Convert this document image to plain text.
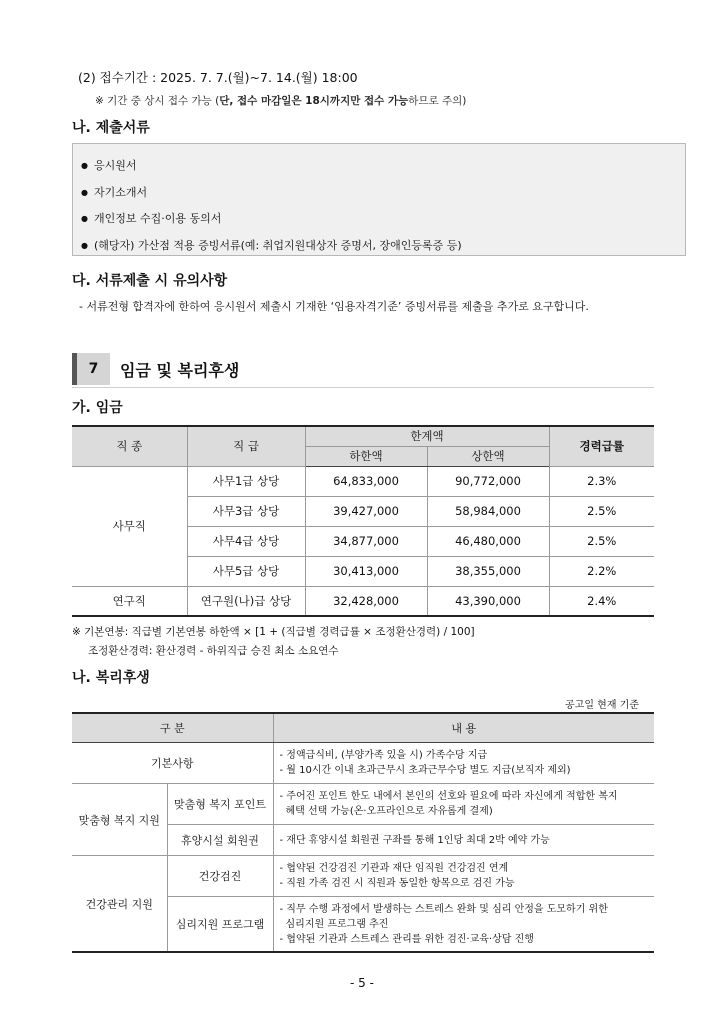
(2) 접수기간 : 2025. 7. 7.(월)~7. 14.(월) 18:00
※ 기간 중 상시 접수 가능 (단, 접수 마감일은 18시까지만 접수 가능하므로 주의)
나. 제출서류
● 응시원서
● 자기소개서
● 개인정보 수집·이용 동의서
● (해당자) 가산점 적용 증빙서류(예: 취업지원대상자 증명서, 장애인등록증 등)
다. 서류제출 시 유의사항
- 서류전형 합격자에 한하여 응시원서 제출시 기재한 ‘임용자격기준’ 증빙서류를 제출을 추가로 요구합니다.
7	임금 및 복리후생
가. 임금
직 종	직 급	한계액		경력급률
		하한액	상한액	
사무직	사무1급 상당	64,833,000	90,772,000	2.3%
	사무3급 상당	39,427,000	58,984,000	2.5%
	사무4급 상당	34,877,000	46,480,000	2.5%
	사무5급 상당	30,413,000	38,355,000	2.2%
연구직	연구원(나)급 상당	32,428,000	43,390,000	2.4%
※ 기본연봉: 직급별 기본연봉 하한액 × [1 + (직급별 경력급률 × 조정환산경력) / 100]
조정환산경력: 환산경력 - 하위직급 승진 최소 소요연수
나. 복리후생
공고일 현재 기준
구 분		내 용
기본사항		- 정액급식비, (부양가족 있을 시) 가족수당 지급
- 월 10시간 이내 초과근무시 초과근무수당 별도 지급(보직자 제외)

맞춤형 복지 지원	맞춤형 복지 포인트	- 주어진 포인트 한도 내에서 본인의 선호와 필요에 따라 자신에게 적합한 복지
혜택 선택 가능(온·오프라인으로 자유롭게 결제)

	휴양시설 회원권	- 재단 휴양시설 회원권 구좌를 통해 1인당 최대 2박 예약 가능

건강관리 지원	건강검진	- 협약된 건강검진 기관과 재단 임직원 건강검진 연계
- 직원 가족 검진 시 직원과 동일한 항목으로 검진 가능

	심리지원 프로그램	- 직무 수행 과정에서 발생하는 스트레스 완화 및 심리 안정을 도모하기 위한
심리지원 프로그램 추진
- 협약된 기관과 스트레스 관리를 위한 검진·교육·상담 진행
- 5 -
